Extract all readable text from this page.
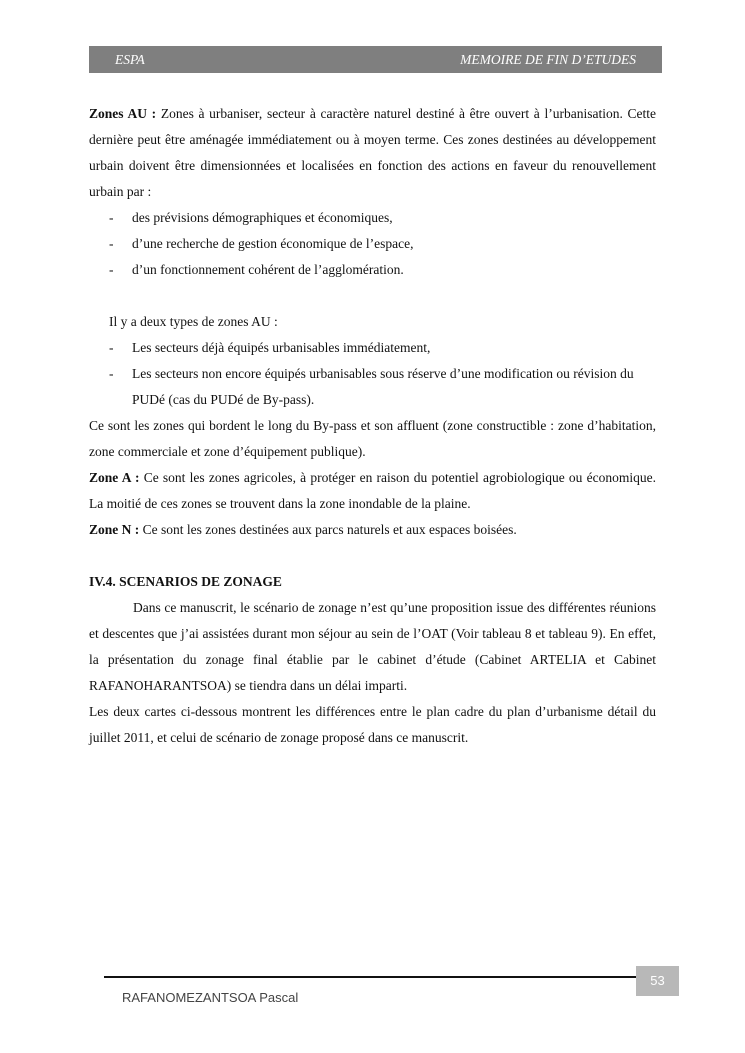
ESPA	MEMOIRE DE FIN D’ETUDES

Zones AU : Zones à urbaniser, secteur à caractère naturel destiné à être ouvert à l’urbanisation. Cette dernière peut être aménagée immédiatement ou à moyen terme. Ces zones destinées au développement urbain doivent être dimensionnées et localisées en fonction des actions en faveur du renouvellement urbain par :

- des prévisions démographiques et économiques,
- d’une recherche de gestion économique de l’espace,
- d’un fonctionnement cohérent de l’agglomération.

Il y a deux types de zones AU :

- Les secteurs déjà équipés urbanisables immédiatement,
- Les secteurs non encore équipés urbanisables sous réserve d’une modification ou révision du PUDé (cas du PUDé de By-pass).

Ce sont les zones qui bordent le long du By-pass et son affluent (zone constructible : zone d’habitation, zone commerciale et zone d’équipement publique).

Zone A : Ce sont les zones agricoles, à protéger en raison du potentiel agrobiologique ou économique. La moitié de ces zones se trouvent dans la zone inondable de la plaine.

Zone N : Ce sont les zones destinées aux parcs naturels et aux espaces boisées.

IV.4. SCENARIOS DE ZONAGE

Dans ce manuscrit, le scénario de zonage n’est qu’une proposition issue des différentes réunions et descentes que j’ai assistées durant mon séjour au sein de l’OAT (Voir tableau 8 et tableau 9). En effet, la présentation du zonage final établie par le cabinet d’étude (Cabinet ARTELIA et Cabinet RAFANOHARANTSOA) se tiendra dans un délai imparti.

Les deux cartes ci-dessous montrent les différences entre le plan cadre du plan d’urbanisme détail du juillet 2011, et celui de scénario de zonage proposé dans ce manuscrit.

53
RAFANOMEZANTSOA Pascal
